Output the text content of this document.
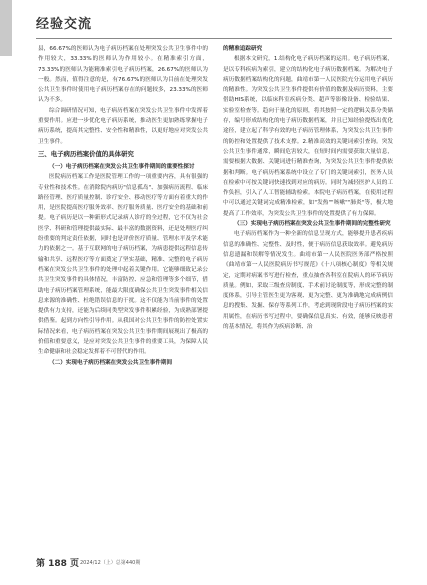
经验交流

县，66.67%的医师认为电子病历档案在处理突发公共卫生事件中的作用较大，33.33%的医师认为作用较小。在精准索引方面，73.33%的医师认为能精准索引电子病历档案，26.67%的医师认为一般。然而，值得注意的是，有76.67%的医师认为目前在处理突发公共卫生事件时使用电子病历档案存在的问题较多，23.33%的医师认为不多。

综合调研情况可知，电子病历档案在突发公共卫生事件中发挥着重要作用。应进一步优化电子病历系统，推动医生更加熟练掌握电子病历系统，提高其完整性、安全性和精准性，以更好地应对突发公共卫生事件。

三、电子病历档案价值的具体研究
（一）电子病历档案在突发公共卫生事件期间的重要性探讨

医院病历档案工作是医院管理工作的一项重要内容，具有很强的专业性和技术性。在消除院内病历"信息孤岛"、加强病历流程、临床路径管理、医疗质量控制、诊疗安全、移动医疗等方面有着重大的作用，是医院提高医疗服务效率、医疗服务质量、医疗安全的基础和前提。电子病历是以一种新形式记录病人诊疗的全过程，它不仅为社会医学、科研和管理提供最实际、最丰富的数据资料，还是处理医疗纠纷重要的判定责任依据，同时也是评价医疗质量、管理水平及学术能力的依据之一。基于互联网的电子病历档案，为病患提供远程信息传输和共享、远程医疗等方面奠定了坚实基础，精准、完整的电子病历档案在突发公共卫生事件的处理中起着关键作用。它能够细致记录公共卫生突发事件的具体情况，丰富防控、应急和管理等多个细节，借助电子病历档案管理系统，能最大限度确保公共卫生突发事件相关信息来源的准确性、杜绝错误信息的干扰。这不仅能为当前事件的处置提供有力支持，还能为后续同类型突发事件积累经验，为成熟部署提供借鉴。起到方向性引导作用。从我国对公共卫生事件的防控处置实际情况来看，电子病历档案在突发公共卫生事件期间展现出了极高的价值和重要意义，是应对突发公共卫生事件的重要工具，为保障人民生命健康和社会稳定发挥着不可替代的作用。

（二）实现电子病历档案在突发公共卫生事件期间
的精准追踪研究

根据本文研究，1.结构化电子病历档案的运用。电子病历档案，是以专科疾病为索引，建立的结构化电子病历数据档案。为解决电子病历数据档案结构化的问题，曲靖市第一人民医院充分运用电子病历的精准性。为突发公共卫生事件提供有价值的数据及病历资料，主要借助HIS系统，以临床科室疾病分类、超声等影像设备、检验结果、实验室检查等。趋向于量化的原则，将其按照一定的逻辑关系分类储存，编号形成结构化的电子病历数据档案，并且已知经验提炼出优化途径，建立起了科学有效的电子病历管理体系，为突发公共卫生事件的防控和处置提供了技术支撑。2.精准高效的关键词索引查询。突发公共卫生事件通常，瞬间危害较大，在短时间内需要获取大量信息，需要根据大数据、关键词进行精准查询，为突发公共卫生事件提供依据和判断。电子病历档案系统中设立了专门的关键词索引，医务人员在检索中可按关键词快速找到对应的病历。同时为减轻医护人员的工作负担，引入了人工智能辅助检索。本院电子病历档案，在使用过程中可以通过关键词完成精准检索，如"发热""咳嗽""肺炎"等，极大地提高了工作效率，为突发公共卫生事件的处置提供了有力保障。

（三）实现电子病历档案在突发公共卫生事件期间的完整性研究

电子病历档案作为一种全新的信息呈现方式，能够提升患者疾病信息的准确性、完整性、及时性，便于病历信息获取效率。避免病历信息遗漏和误解等情况发生。曲靖市第一人民医院医务部严格按照《曲靖市第一人民医院病历书写规范》《十八项核心制度》等相关规定，定期对病案书写进行检查，重点抽查各科室在院病人的环节病历质量。例如，采取三级查房制度、手术前讨论制度等，形成完整的制度体系，引导主管医生更为客观、更为完整、更为准确地完成病例信息的搜集、发掘、保存等系列工作，考虑到现阶段电子病历档案的实用属性，在病历书写过程中，要确保信息真实、有效，能够反映患者的基本情况，将其作为疾病诊断、治

第 188 页 2024/12（上）总第440期
